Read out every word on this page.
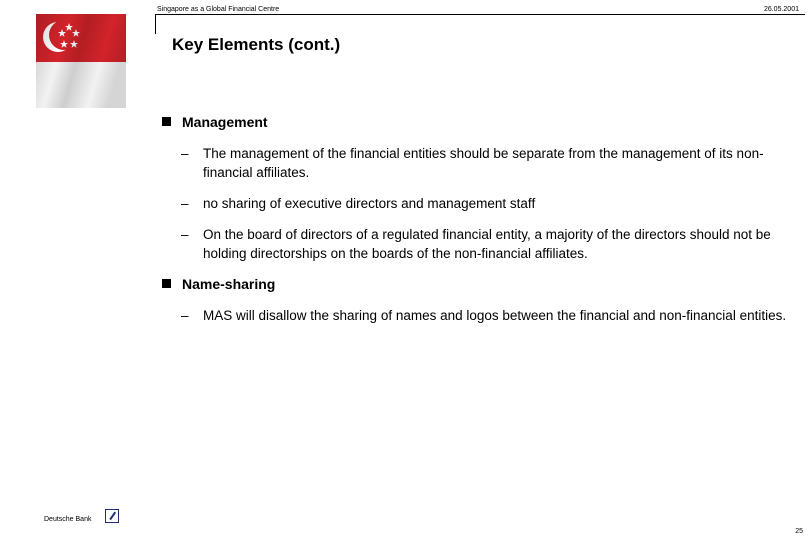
Singapore as a Global Financial Centre	26.05.2001
Key Elements (cont.)
Management
– The management of the financial entities should be separate from the management of its non-financial affiliates.
– no sharing of executive directors and management staff
– On the board of directors of a regulated financial entity, a majority of the directors should not be holding directorships on the boards of the non-financial affiliates.
Name-sharing
– MAS will disallow the sharing of names and logos between the financial and non-financial entities.
Deutsche Bank
25
